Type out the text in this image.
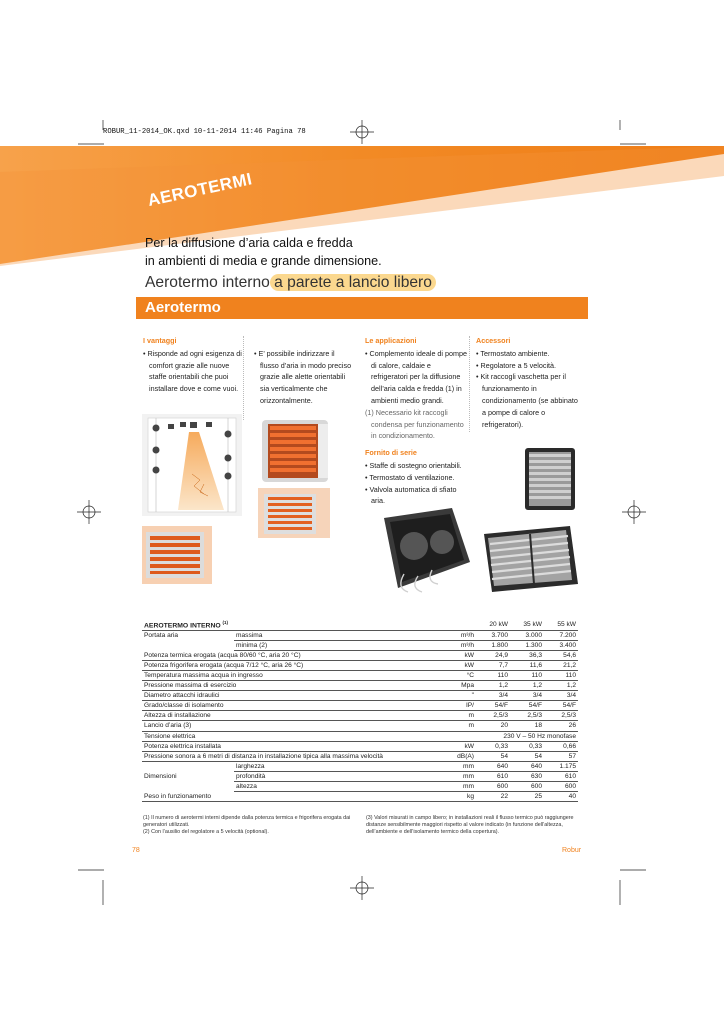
ROBUR_11-2014_OK.qxd 10-11-2014 11:46 Pagina 78
AEROTERMI
Per la diffusione d’aria calda e fredda
in ambienti di media e grande dimensione.
Aerotermo interno a parete a lancio libero
Aerotermo
I vantaggi
• Risponde ad ogni esigenza di comfort grazie alle nuove staffe orientabili che puoi installare dove e come vuoi.
• E’ possibile indirizzare il flusso d’aria in modo preciso grazie alle alette orientabili sia verticalmente che orizzontalmente.
Le applicazioni
• Complemento ideale di pompe di calore, caldaie e refrigeratori per la diffusione dell’aria calda e fredda (1) in ambienti medio grandi.
(1) Necessario kit raccogli condensa per funzionamento in condizionamento.
Fornito di serie
• Staffe di sostegno orientabili.
• Termostato di ventilazione.
• Valvola automatica di sfiato aria.
Accessori
• Termostato ambiente.
• Regolatore a 5 velocità.
• Kit raccogli vaschetta per il funzionamento in condizionamento (se abbinato a pompe di calore o refrigeratori).
AEROTERMO INTERNO $^{(1)}$			20 kW	35 kW	55 kW
Portata aria	massima	m³/h	3.700	3.000	7.200
	minima (2)	m³/h	1.800	1.300	3.400
Potenza termica erogata (acqua 80/60 °C, aria 20 °C)		kW	24,9	36,3	54,6
Potenza frigorifera erogata (acqua 7/12 °C, aria 26 °C)		kW	7,7	11,6	21,2
Temperatura massima acqua in ingresso		°C	110	110	110
Pressione massima di esercizio		Mpa	1,2	1,2	1,2
Diametro attacchi idraulici		"	3/4	3/4	3/4
Grado/classe di isolamento		IP/	54/F	54/F	54/F
Altezza di installazione		m	2,5/3	2,5/3	2,5/3
Lancio d’aria (3)		m	20	18	26
Tensione elettrica			230 V – 50 Hz monofase		
Potenza elettrica installata		kW	0,33	0,33	0,66
Pressione sonora a 6 metri di distanza in installazione tipica alla massima velocità		dB(A)	54	54	57
	larghezza	mm	640	640	1.175
Dimensioni	profondità	mm	610	630	610
	altezza	mm	600	600	600
Peso in funzionamento		kg	22	25	40
(1) Il numero di aerotermi interni dipende dalla potenza termica e frigorifera erogata dai generatori utilizzati.
(2) Con l’ausilio del regolatore a 5 velocità (optional).
(3) Valori misurati in campo libero; in installazioni reali il flusso termico può raggiungere distanze sensibilmente maggiori rispetto al valore indicato (in funzione dell’altezza, dell’ambiente e dell’isolamento termico della copertura).
78	Robur
